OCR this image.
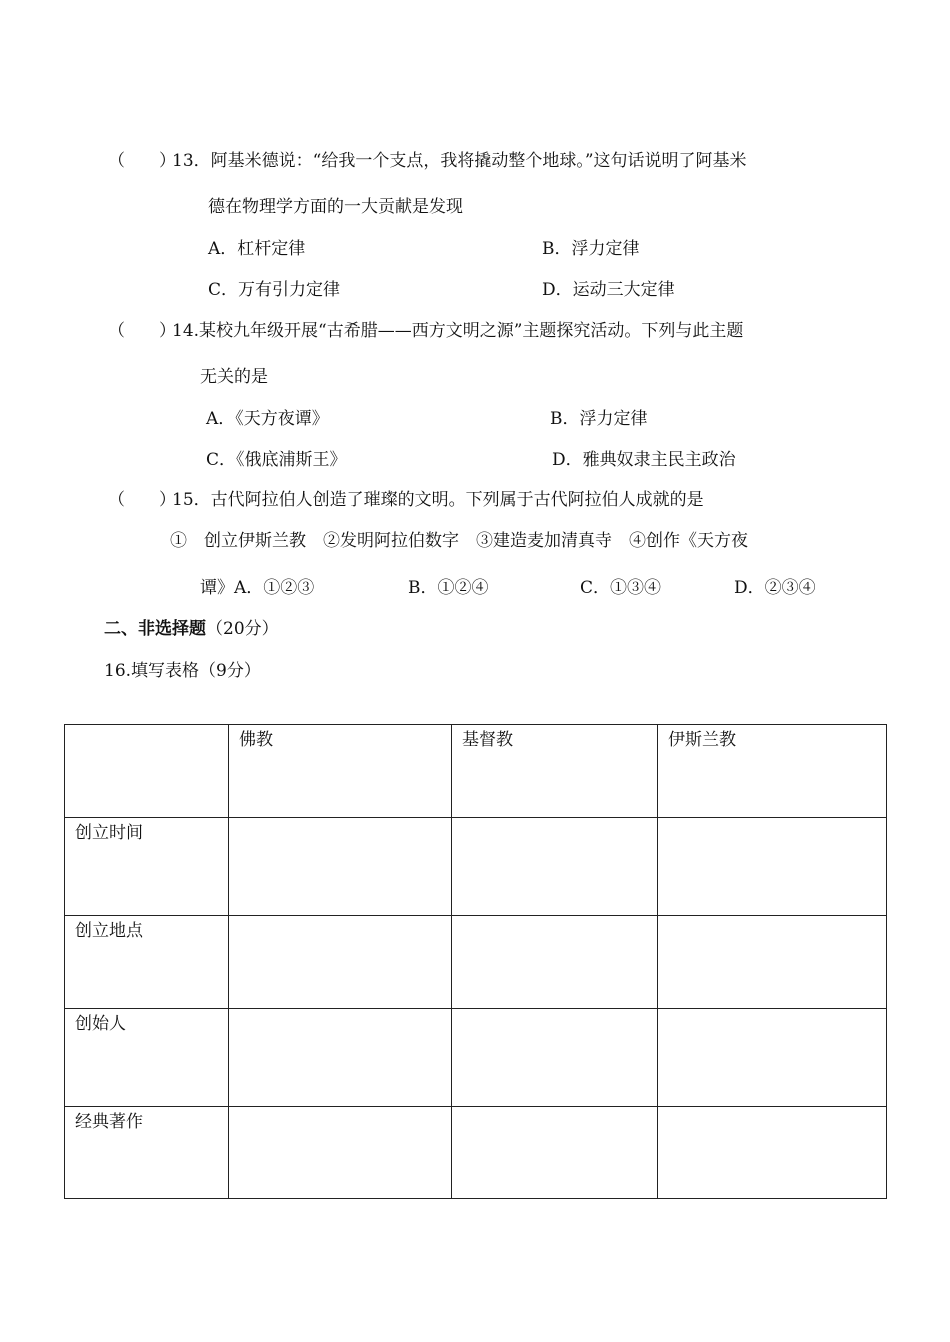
（　　）
13．阿基米德说：“给我一个支点，我将撬动整个地球。”这句话说明了阿基米
德在物理学方面的一大贡献是发现
A．杠杆定律	B．浮力定律
C．万有引力定律	D．运动三大定律
（　　）
14.某校九年级开展“古希腊——西方文明之源”主题探究活动。下列与此主题
无关的是
A．《天方夜谭》	B．浮力定律
C．《俄底浦斯王》	D．雅典奴隶主民主政治
（　　）
15．古代阿拉伯人创造了璀璨的文明。下列属于古代阿拉伯人成就的是
①　创立伊斯兰教　②发明阿拉伯数字　③建造麦加清真寺　④创作《天方夜
谭》A．①②③	B．①②④	C．①③④	D．②③④
二、非选择题（20分）
16.填写表格（9分）
	佛教	基督教	伊斯兰教
创立时间			
创立地点			
创始人			
经典著作			
